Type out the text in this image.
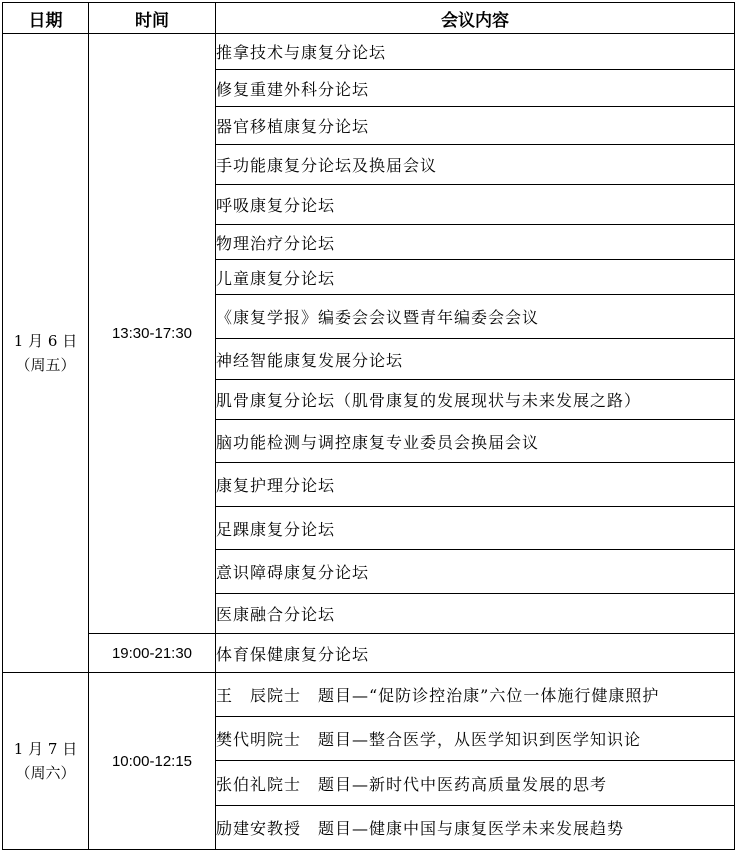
日期	时间	会议内容

1 月 6 日
（周五）	13:30-17:30	推拿技术与康复分论坛
		修复重建外科分论坛
		器官移植康复分论坛
		手功能康复分论坛及换届会议
		呼吸康复分论坛
		物理治疗分论坛
		儿童康复分论坛
		《康复学报》编委会会议暨青年编委会会议
		神经智能康复发展分论坛
		肌骨康复分论坛（肌骨康复的发展现状与未来发展之路）
		脑功能检测与调控康复专业委员会换届会议
		康复护理分论坛
		足踝康复分论坛
		意识障碍康复分论坛
		医康融合分论坛
	19:00-21:30	体育保健康复分论坛

1 月 7 日
（周六）	10:00-12:15	王　辰院士　题目—“促防诊控治康”六位一体施行健康照护
		樊代明院士　题目—整合医学，从医学知识到医学知识论
		张伯礼院士　题目—新时代中医药高质量发展的思考
		励建安教授　题目—健康中国与康复医学未来发展趋势
